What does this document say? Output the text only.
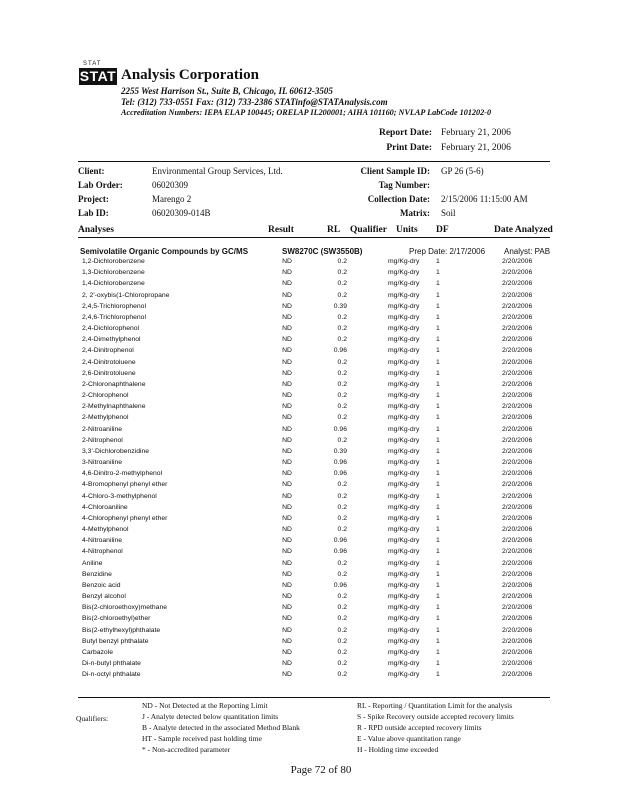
STAT
STAT Analysis Corporation
2255 West Harrison St., Suite B, Chicago, IL 60612-3505
Tel: (312) 733-0551 Fax: (312) 733-2386 STATinfo@STATAnalysis.com
Accreditation Numbers: IEPA ELAP 100445; ORELAP IL200001; AIHA 101160; NVLAP LabCode 101202-0
Report Date: February 21, 2006
Print Date: February 21, 2006
Client:	Environmental Group Services, Ltd.	Client Sample ID: GP 26 (5-6)
Lab Order:	06020309	Tag Number:
Project:	Marengo 2	Collection Date: 2/15/2006 11:15:00 AM
Lab ID:	06020309-014B	Matrix: Soil
Analyses	Result	RL Qualifier Units DF	Date Analyzed
Semivolatile Organic Compounds by GC/MS	SW8270C (SW3550B)	Prep Date: 2/17/2006 Analyst: PAB
1,2-Dichlorobenzene	ND	0.2	mg/Kg-dry 1	2/20/2006
1,3-Dichlorobenzene	ND	0.2	mg/Kg-dry 1	2/20/2006
1,4-Dichlorobenzene	ND	0.2	mg/Kg-dry 1	2/20/2006
2, 2'-oxybis(1-Chloropropane	ND	0.2	mg/Kg-dry 1	2/20/2006
2,4,5-Trichlorophenol	ND	0.39	mg/Kg-dry 1	2/20/2006
2,4,6-Trichlorophenol	ND	0.2	mg/Kg-dry 1	2/20/2006
2,4-Dichlorophenol	ND	0.2	mg/Kg-dry 1	2/20/2006
2,4-Dimethylphenol	ND	0.2	mg/Kg-dry 1	2/20/2006
2,4-Dinitrophenol	ND	0.96	mg/Kg-dry 1	2/20/2006
2,4-Dinitrotoluene	ND	0.2	mg/Kg-dry 1	2/20/2006
2,6-Dinitrotoluene	ND	0.2	mg/Kg-dry 1	2/20/2006
2-Chloronaphthalene	ND	0.2	mg/Kg-dry 1	2/20/2006
2-Chlorophenol	ND	0.2	mg/Kg-dry 1	2/20/2006
2-Methylnaphthalene	ND	0.2	mg/Kg-dry 1	2/20/2006
2-Methylphenol	ND	0.2	mg/Kg-dry 1	2/20/2006
2-Nitroaniline	ND	0.96	mg/Kg-dry 1	2/20/2006
2-Nitrophenol	ND	0.2	mg/Kg-dry 1	2/20/2006
3,3'-Dichlorobenzidine	ND	0.39	mg/Kg-dry 1	2/20/2006
3-Nitroaniline	ND	0.96	mg/Kg-dry 1	2/20/2006
4,6-Dinitro-2-methylphenol	ND	0.96	mg/Kg-dry 1	2/20/2006
4-Bromophenyl phenyl ether	ND	0.2	mg/Kg-dry 1	2/20/2006
4-Chloro-3-methylphenol	ND	0.2	mg/Kg-dry 1	2/20/2006
4-Chloroaniline	ND	0.2	mg/Kg-dry 1	2/20/2006
4-Chlorophenyl phenyl ether	ND	0.2	mg/Kg-dry 1	2/20/2006
4-Methylphenol	ND	0.2	mg/Kg-dry 1	2/20/2006
4-Nitroaniline	ND	0.96	mg/Kg-dry 1	2/20/2006
4-Nitrophenol	ND	0.96	mg/Kg-dry 1	2/20/2006
Aniline	ND	0.2	mg/Kg-dry 1	2/20/2006
Benzidine	ND	0.2	mg/Kg-dry 1	2/20/2006
Benzoic acid	ND	0.96	mg/Kg-dry 1	2/20/2006
Benzyl alcohol	ND	0.2	mg/Kg-dry 1	2/20/2006
Bis(2-chloroethoxy)methane	ND	0.2	mg/Kg-dry 1	2/20/2006
Bis(2-chloroethyl)ether	ND	0.2	mg/Kg-dry 1	2/20/2006
Bis(2-ethylhexyl)phthalate	ND	0.2	mg/Kg-dry 1	2/20/2006
Butyl benzyl phthalate	ND	0.2	mg/Kg-dry 1	2/20/2006
Carbazole	ND	0.2	mg/Kg-dry 1	2/20/2006
Di-n-butyl phthalate	ND	0.2	mg/Kg-dry 1	2/20/2006
Di-n-octyl phthalate	ND	0.2	mg/Kg-dry 1	2/20/2006
Qualifiers:
ND - Not Detected at the Reporting Limit
J - Analyte detected below quantitation limits
B - Analyte detected in the associated Method Blank
HT - Sample received past holding time
* - Non-accredited parameter
RL - Reporting / Quantitation Limit for the analysis
S - Spike Recovery outside accepted recovery limits
R - RPD outside accepted recovery limits
E - Value above quantitation range
H - Holding time exceeded
Page 72 of 80
